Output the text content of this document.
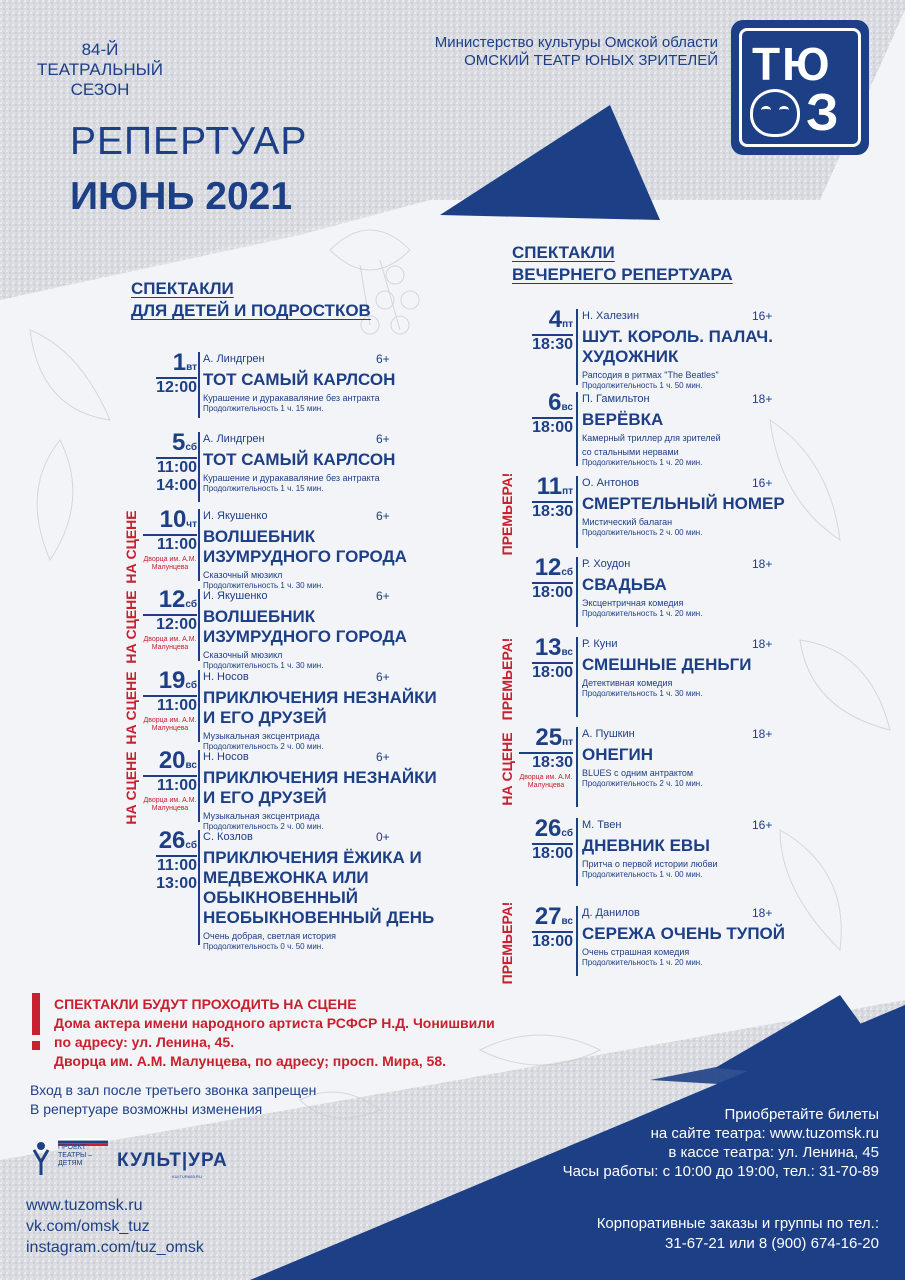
84-Й
ТЕАТРАЛЬНЫЙ
СЕЗОН
РЕПЕРТУАР
ИЮНЬ 2021
Министерство культуры Омской области
ОМСКИЙ ТЕАТР ЮНЫХ ЗРИТЕЛЕЙ ТЮ
З
СПЕКТАКЛИ
ДЛЯ ДЕТЕЙ И ПОДРОСТКОВ
СПЕКТАКЛИ
ВЕЧЕРНЕГО РЕПЕРТУАРА
1вт
12:00
А. Линдгрен
ТОТ САМЫЙ КАРЛСОН
Курашение и дуракаваляние без антракта
Продолжительность 1 ч. 15 мин.
6+
5сб
11:00
14:00
А. Линдгрен
ТОТ САМЫЙ КАРЛСОН
Курашение и дуракаваляние без антракта
Продолжительность 1 ч. 15 мин.
6+
10чт
11:00
Дворца им. А.М. Малунцева
И. Якушенко
ВОЛШЕБНИК
ИЗУМРУДНОГО ГОРОДА
Сказочный мюзикл
Продолжительность 1 ч. 30 мин.
6+
НА СЦЕНЕ
12сб
12:00
Дворца им. А.М. Малунцева
И. Якушенко
ВОЛШЕБНИК
ИЗУМРУДНОГО ГОРОДА
Сказочный мюзикл
Продолжительность 1 ч. 30 мин.
6+
НА СЦЕНЕ
19сб
11:00
Дворца им. А.М. Малунцева
Н. Носов
ПРИКЛЮЧЕНИЯ НЕЗНАЙКИ
И ЕГО ДРУЗЕЙ
Музыкальная эксцентриада
Продолжительность 2 ч. 00 мин.
6+
НА СЦЕНЕ
20вс
11:00
Дворца им. А.М. Малунцева
Н. Носов
ПРИКЛЮЧЕНИЯ НЕЗНАЙКИ
И ЕГО ДРУЗЕЙ
Музыкальная эксцентриада
Продолжительность 2 ч. 00 мин.
6+
НА СЦЕНЕ
26сб
11:00
13:00
С. Козлов
ПРИКЛЮЧЕНИЯ ЁЖИКА И
МЕДВЕЖОНКА ИЛИ
ОБЫКНОВЕННЫЙ
НЕОБЫКНОВЕННЫЙ ДЕНЬ
Очень добрая, светлая история
Продолжительность 0 ч. 50 мин.
0+
4пт
18:30
Н. Халезин
ШУТ. КОРОЛЬ. ПАЛАЧ.
ХУДОЖНИК
Рапсодия в ритмах "The Beatles"
Продолжительность 1 ч. 50 мин.
16+
6вс
18:00
П. Гамильтон
ВЕРЁВКА
Камерный триллер для зрителей
со стальными нервами
Продолжительность 1 ч. 20 мин.
18+
11пт
18:30
О. Антонов
СМЕРТЕЛЬНЫЙ НОМЕР
Мистический балаган
Продолжительность 2 ч. 00 мин.
16+
ПРЕМЬЕРА!
12сб
18:00
Р. Хоудон
СВАДЬБА
Эксцентричная комедия
Продолжительность 1 ч. 20 мин.
18+
13вс
18:00
Р. Куни
СМЕШНЫЕ ДЕНЬГИ
Детективная комедия
Продолжительность 1 ч. 30 мин.
18+
ПРЕМЬЕРА!
25пт
18:30
Дворца им. А.М. Малунцева
А. Пушкин
ОНЕГИН
BLUES с одним антрактом
Продолжительность 2 ч. 10 мин.
18+
НА СЦЕНЕ
26сб
18:00
М. Твен
ДНЕВНИК ЕВЫ
Притча о первой истории любви
Продолжительность 1 ч. 00 мин.
16+
27вс
18:00
Д. Данилов
СЕРЕЖА ОЧЕНЬ ТУПОЙ
Очень страшная комедия
Продолжительность 1 ч. 20 мин.
18+
ПРЕМЬЕРА!
СПЕКТАКЛИ БУДУТ ПРОХОДИТЬ НА СЦЕНЕ
Дома актера имени народного артиста РСФСР Н.Д. Чонишвили
по адресу: ул. Ленина, 45.
Дворца им. А.М. Малунцева, по адресу; просп. Мира, 58.
Вход в зал после третьего звонка запрещен
В репертуаре возможны изменения
ПРОЕКТ
ТЕАТРЫ –
ДЕТЯМ	КУЛЬТ|УРА
KULTURA55.RU
www.tuzomsk.ru
vk.com/omsk_tuz
instagram.com/tuz_omsk
Приобретайте билеты
на сайте театра: www.tuzomsk.ru
в кассе театра: ул. Ленина, 45
Часы работы: с 10:00 до 19:00, тел.: 31-70-89
Корпоративные заказы и группы по тел.:
31-67-21 или 8 (900) 674-16-20
